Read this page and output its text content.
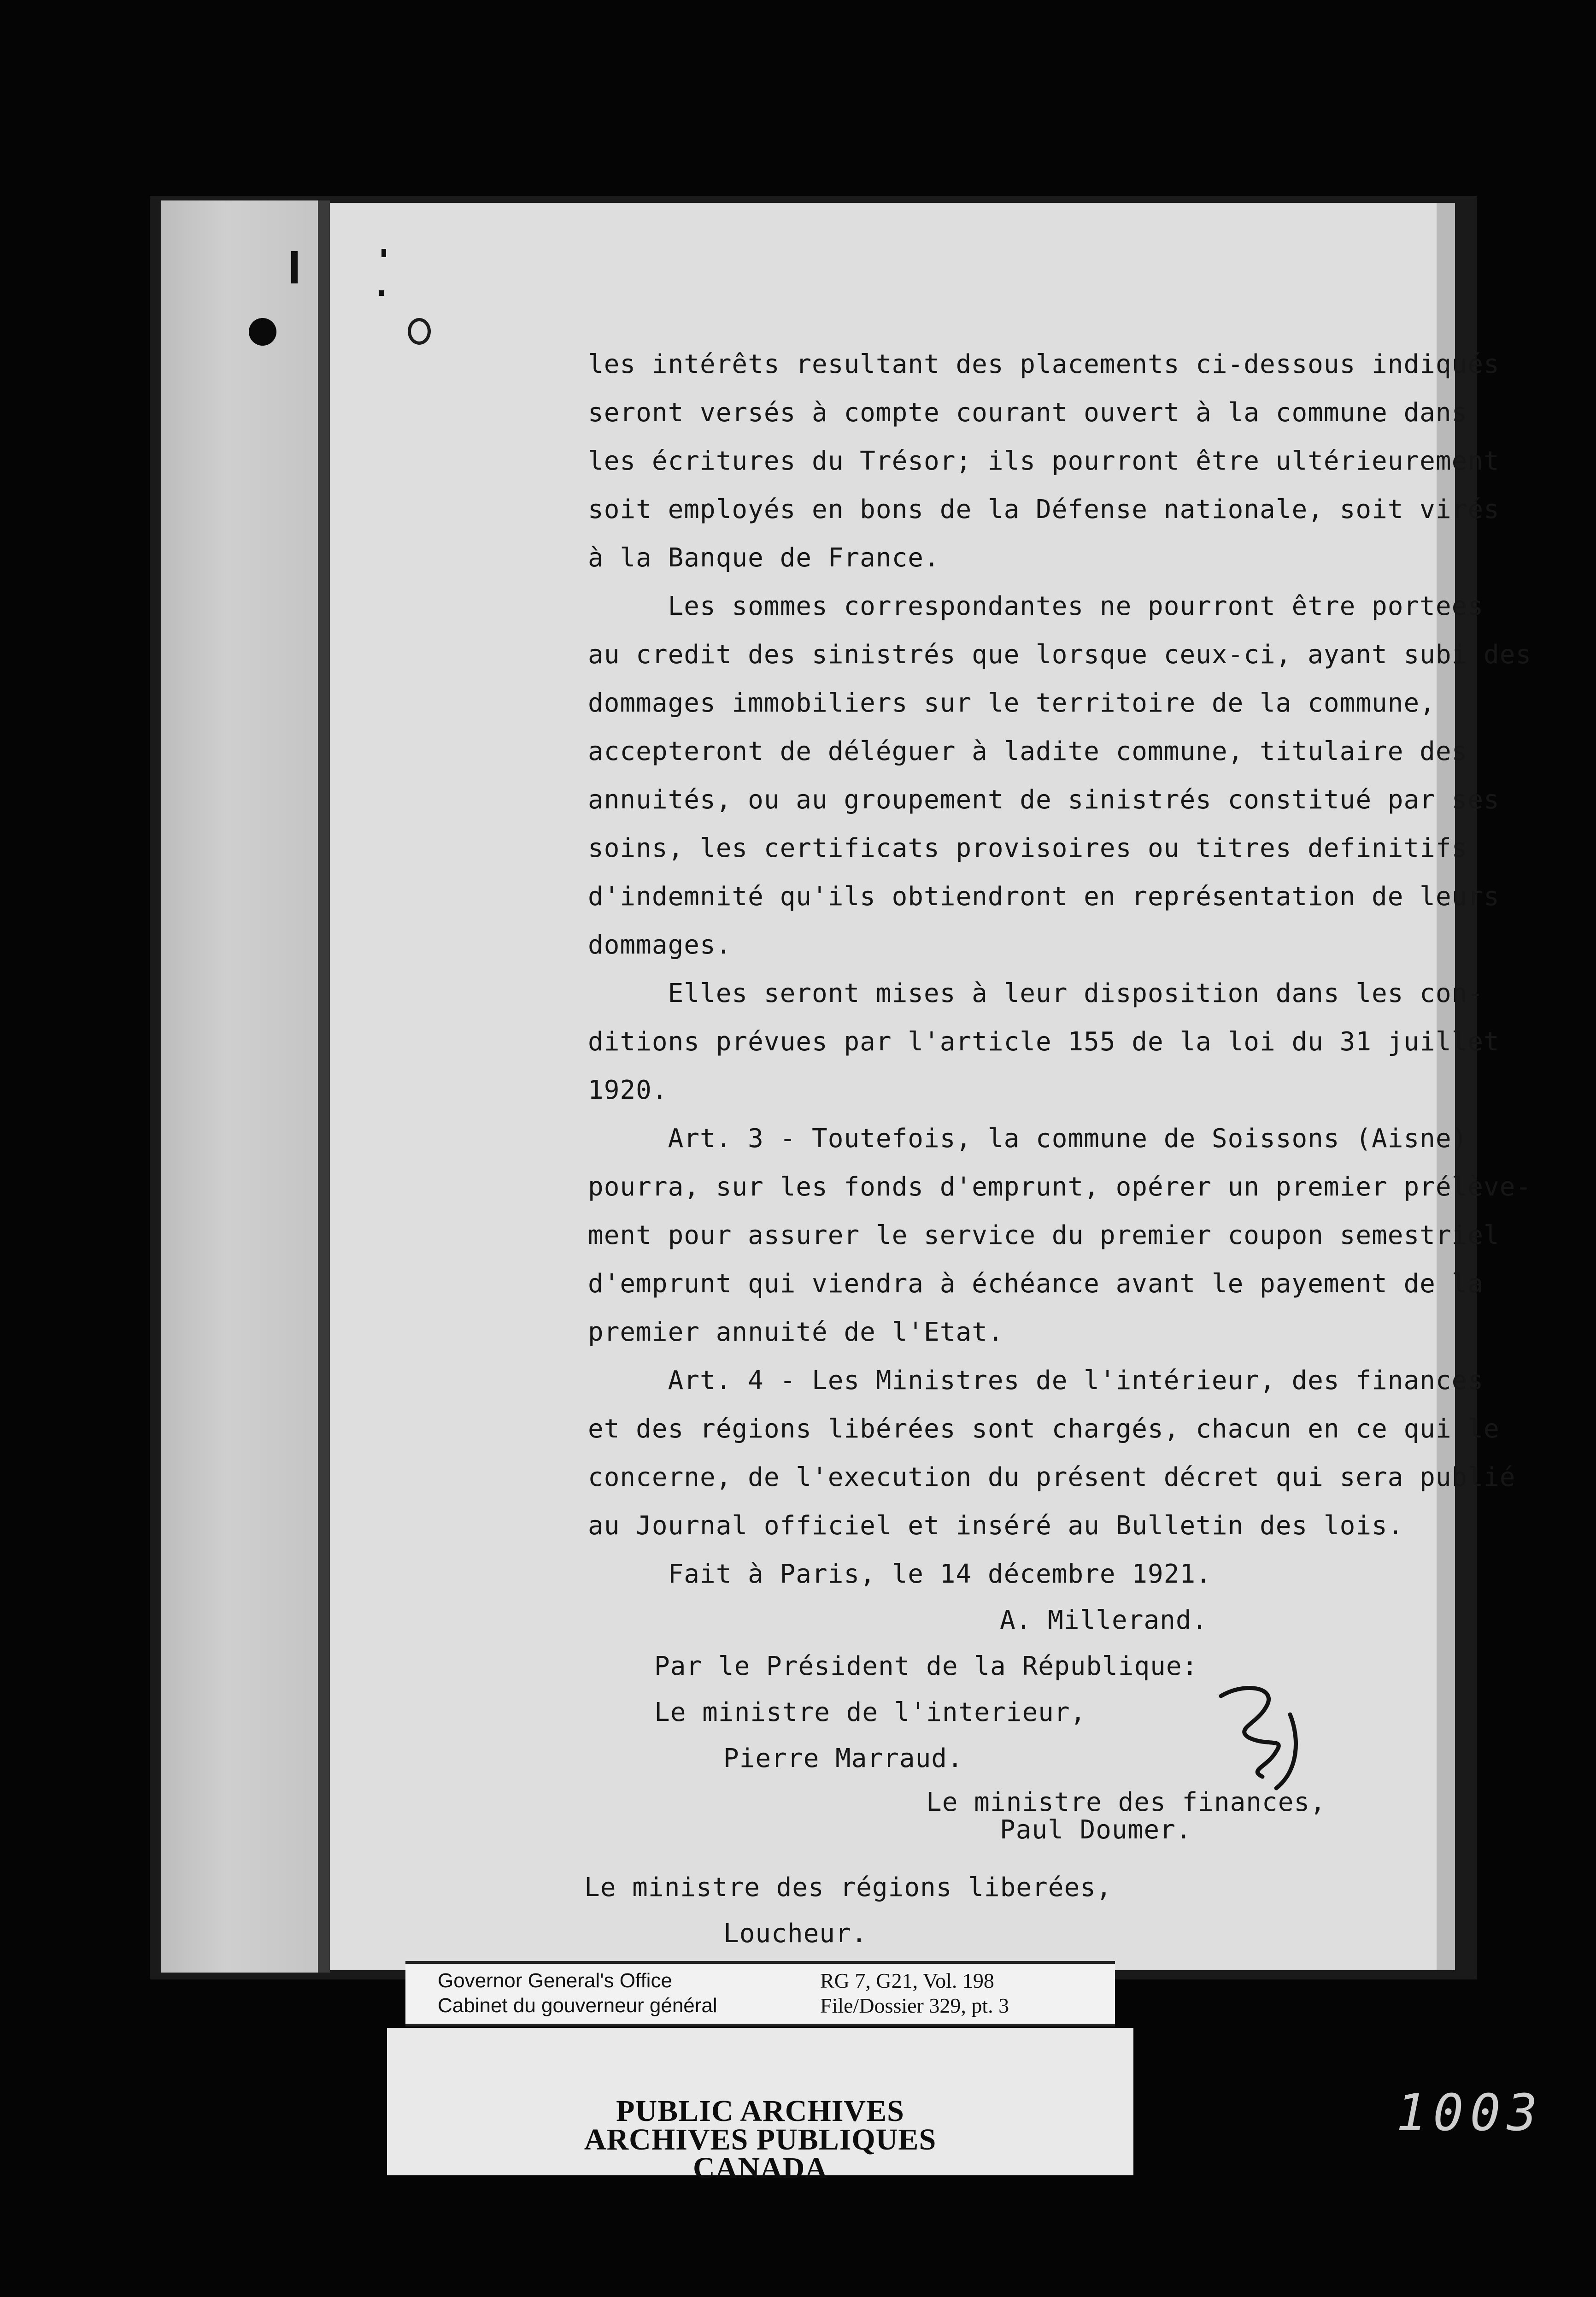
les intérêts resultant des placements ci-dessous indiqués

seront versés à compte courant ouvert à la commune dans

les écritures du Trésor; ils pourront être ultérieurement

soit employés en bons de la Défense nationale, soit virés

à la Banque de France.

Les sommes correspondantes ne pourront être portees

au credit des sinistrés que lorsque ceux-ci, ayant subi des

dommages immobiliers sur le territoire de la commune,

accepteront de déléguer à ladite commune, titulaire des

annuités, ou au groupement de sinistrés constitué par ses

soins, les certificats provisoires ou titres definitifs

d'indemnité qu'ils obtiendront en représentation de leurs

dommages.

Elles seront mises à leur disposition dans les con-

ditions prévues par l'article 155 de la loi du 31 juillet

1920.

Art. 3 - Toutefois, la commune de Soissons (Aisne)

pourra, sur les fonds d'emprunt, opérer un premier prélève-

ment pour assurer le service du premier coupon semestriel

d'emprunt qui viendra à échéance avant le payement de la

premier annuité de l'Etat.

Art. 4 - Les Ministres de l'intérieur, des finances

et des régions libérées sont chargés, chacun en ce qui le

concerne, de l'execution du présent décret qui sera publié

au Journal officiel et inséré au Bulletin des lois.

Fait à Paris, le 14 décembre 1921.

A. Millerand.

Par le Président de la République:

Le ministre de l'interieur,

Pierre Marraud.

Le ministre des finances,

Paul Doumer.

Le ministre des régions liberées,

Loucheur.

Governor General's Office
Cabinet du gouverneur général
RG 7, G21, Vol. 198
File/Dossier 329, pt. 3
PUBLIC ARCHIVES
ARCHIVES PUBLIQUES
CANADA
1003
